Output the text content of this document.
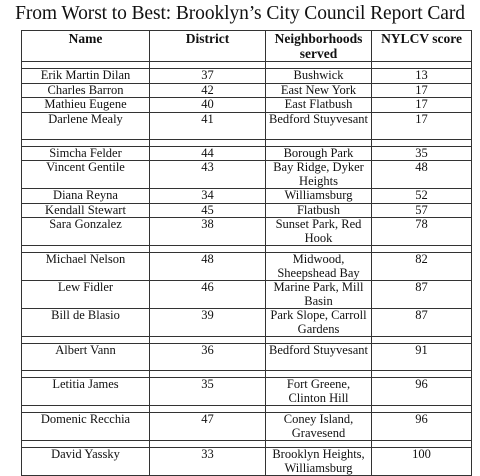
From Worst to Best: Brooklyn’s City Council Report Card
Name	District	Neighborhoods served	NYLCV score

Erik Martin Dilan	37	Bushwick	13
Charles Barron	42	East New York	17
Mathieu Eugene	40	East Flatbush	17
Darlene Mealy	41	Bedford Stuyvesant	17

Simcha Felder	44	Borough Park	35
Vincent Gentile	43	Bay Ridge, Dyker Heights	48
Diana Reyna	34	Williamsburg	52
Kendall Stewart	45	Flatbush	57
Sara Gonzalez	38	Sunset Park, Red Hook	78

Michael Nelson	48	Midwood, Sheepshead Bay	82
Lew Fidler	46	Marine Park, Mill Basin	87
Bill de Blasio	39	Park Slope, Carroll Gardens	87

Albert Vann	36	Bedford Stuyvesant	91

Letitia James	35	Fort Greene, Clinton Hill	96

Domenic Recchia	47	Coney Island, Gravesend	96

David Yassky	33	Brooklyn Heights, Williamsburg	100
